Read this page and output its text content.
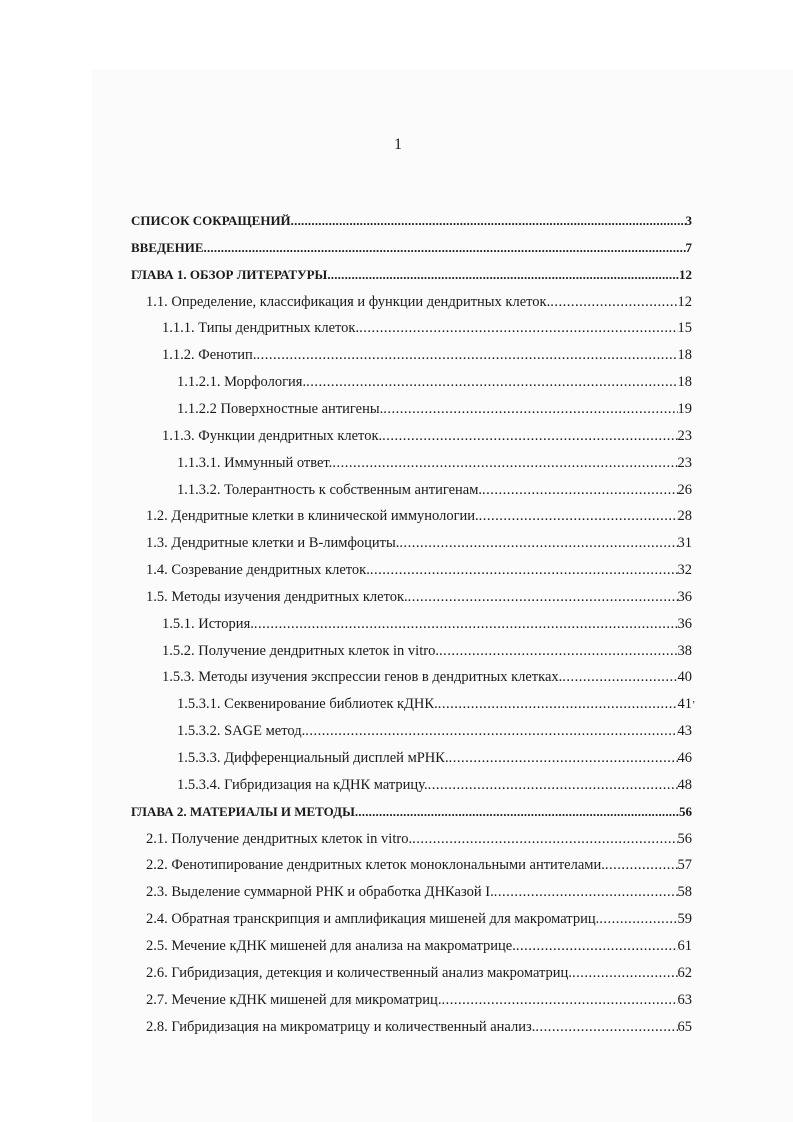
1
СПИСОК СОКРАЩЕНИЙ .....	3
ВВЕДЕНИЕ .....	7
ГЛАВА 1. ОБЗОР ЛИТЕРАТУРЫ .....	12
1.1. Определение, классификация и функции дендритных клеток. .....	12
1.1.1. Типы дендритных клеток. .....	15
1.1.2. Фенотип. .....	18
1.1.2.1. Морфология. .....	18
1.1.2.2 Поверхностные антигены. .....	19
1.1.3. Функции дендритных клеток. .....	23
1.1.3.1. Иммунный ответ. .....	23
1.1.3.2. Толерантность к собственным антигенам. .....	26
1.2. Дендритные клетки в клинической иммунологии. .....	28
1.3. Дендритные клетки и В-лимфоциты. .....	31
1.4. Созревание дендритных клеток. .....	32
1.5. Методы изучения дендритных клеток. .....	36
1.5.1. История. .....	36
1.5.2. Получение дендритных клеток in vitro. .....	38
1.5.3. Методы изучения экспрессии генов в дендритных клетках. .....	40
1.5.3.1. Секвенирование библиотек кДНК. .....	41
1.5.3.2. SAGE метод. .....	43
1.5.3.3. Дифференциальный дисплей мРНК. .....	46
1.5.3.4. Гибридизация на кДНК матрицу. .....	48
ГЛАВА 2. МАТЕРИАЛЫ И МЕТОДЫ .....	56
2.1. Получение дендритных клеток in vitro. .....	56
2.2. Фенотипирование дендритных клеток моноклональными антителами. .....	57
2.3. Выделение суммарной РНК и обработка ДНКазой I. .....	58
2.4. Обратная транскрипция и амплификация мишеней для макроматриц. .....	59
2.5. Мечение кДНК мишеней для анализа на макроматрице. .....	61
2.6. Гибридизация, детекция и количественный анализ макроматриц. .....	62
2.7. Мечение кДНК мишеней для микроматриц. .....	63
2.8. Гибридизация на микроматрицу и количественный анализ. .....	65
’
